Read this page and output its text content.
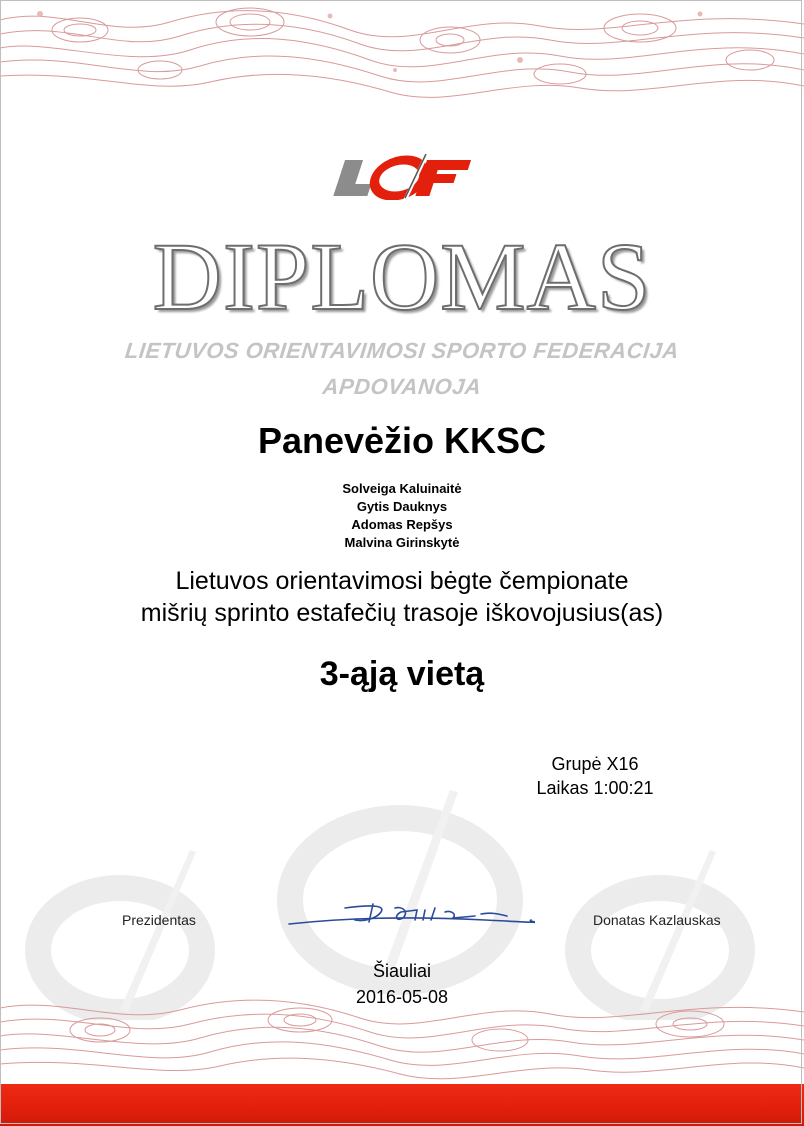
DIPLOMAS
LIETUVOS ORIENTAVIMOSI SPORTO FEDERACIJA
APDOVANOJA
Panevėžio KKSC
Solveiga Kaluinaitė
Gytis Dauknys
Adomas Repšys
Malvina Girinskytė
Lietuvos orientavimosi bėgte čempionate
mišrių sprinto estafečių trasoje iškovojusius(as)
3-ąją vietą
Grupė X16
Laikas 1:00:21
Prezidentas	Donatas Kazlauskas
Šiauliai
2016-05-08
